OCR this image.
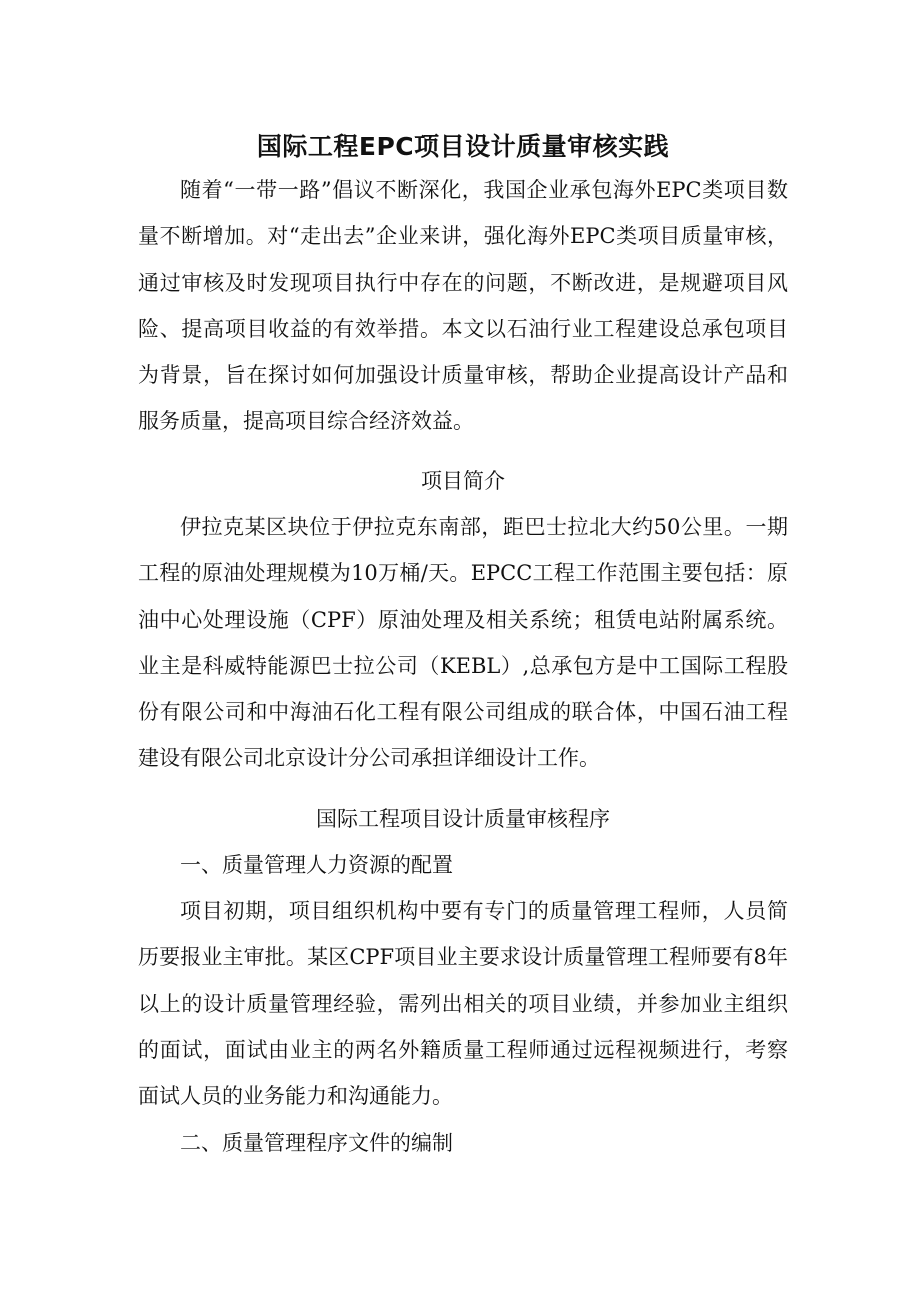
国际工程EPC项目设计质量审核实践

随着“一带一路”倡议不断深化，我国企业承包海外EPC类项目数量不断增加。对“走出去”企业来讲，强化海外EPC类项目质量审核，通过审核及时发现项目执行中存在的问题，不断改进，是规避项目风险、提高项目收益的有效举措。本文以石油行业工程建设总承包项目为背景，旨在探讨如何加强设计质量审核，帮助企业提高设计产品和服务质量，提高项目综合经济效益。

项目简介

伊拉克某区块位于伊拉克东南部，距巴士拉北大约50公里。一期工程的原油处理规模为10万桶/天。EPCC工程工作范围主要包括：原油中心处理设施（CPF）原油处理及相关系统；租赁电站附属系统。业主是科威特能源巴士拉公司（KEBL）,总承包方是中工国际工程股份有限公司和中海油石化工程有限公司组成的联合体，中国石油工程建设有限公司北京设计分公司承担详细设计工作。

国际工程项目设计质量审核程序
一、质量管理人力资源的配置

项目初期，项目组织机构中要有专门的质量管理工程师，人员简历要报业主审批。某区CPF项目业主要求设计质量管理工程师要有8年以上的设计质量管理经验，需列出相关的项目业绩，并参加业主组织的面试，面试由业主的两名外籍质量工程师通过远程视频进行，考察面试人员的业务能力和沟通能力。

二、质量管理程序文件的编制
